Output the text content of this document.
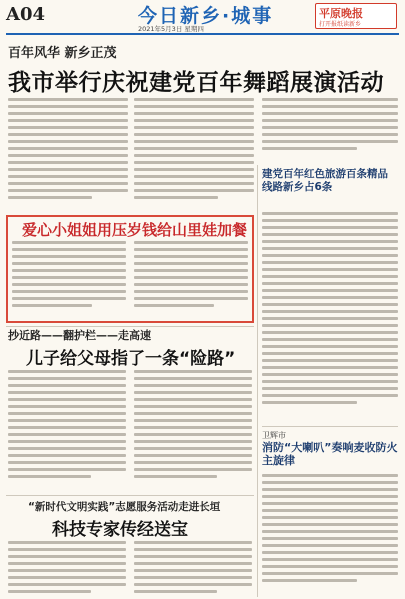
A04	今日新乡·城事
2021年5月3日 星期四
平原晚报
打开报纸读新乡
百年风华 新乡正茂
我市举行庆祝建党百年舞蹈展演活动
建党百年红色旅游百条精品线路新乡占6条
爱心小姐姐用压岁钱给山里娃加餐
抄近路——翻护栏——走高速
儿子给父母指了一条“险路”
卫辉市
消防“大喇叭”奏响麦收防火主旋律
“新时代文明实践”志愿服务活动走进长垣
科技专家传经送宝
